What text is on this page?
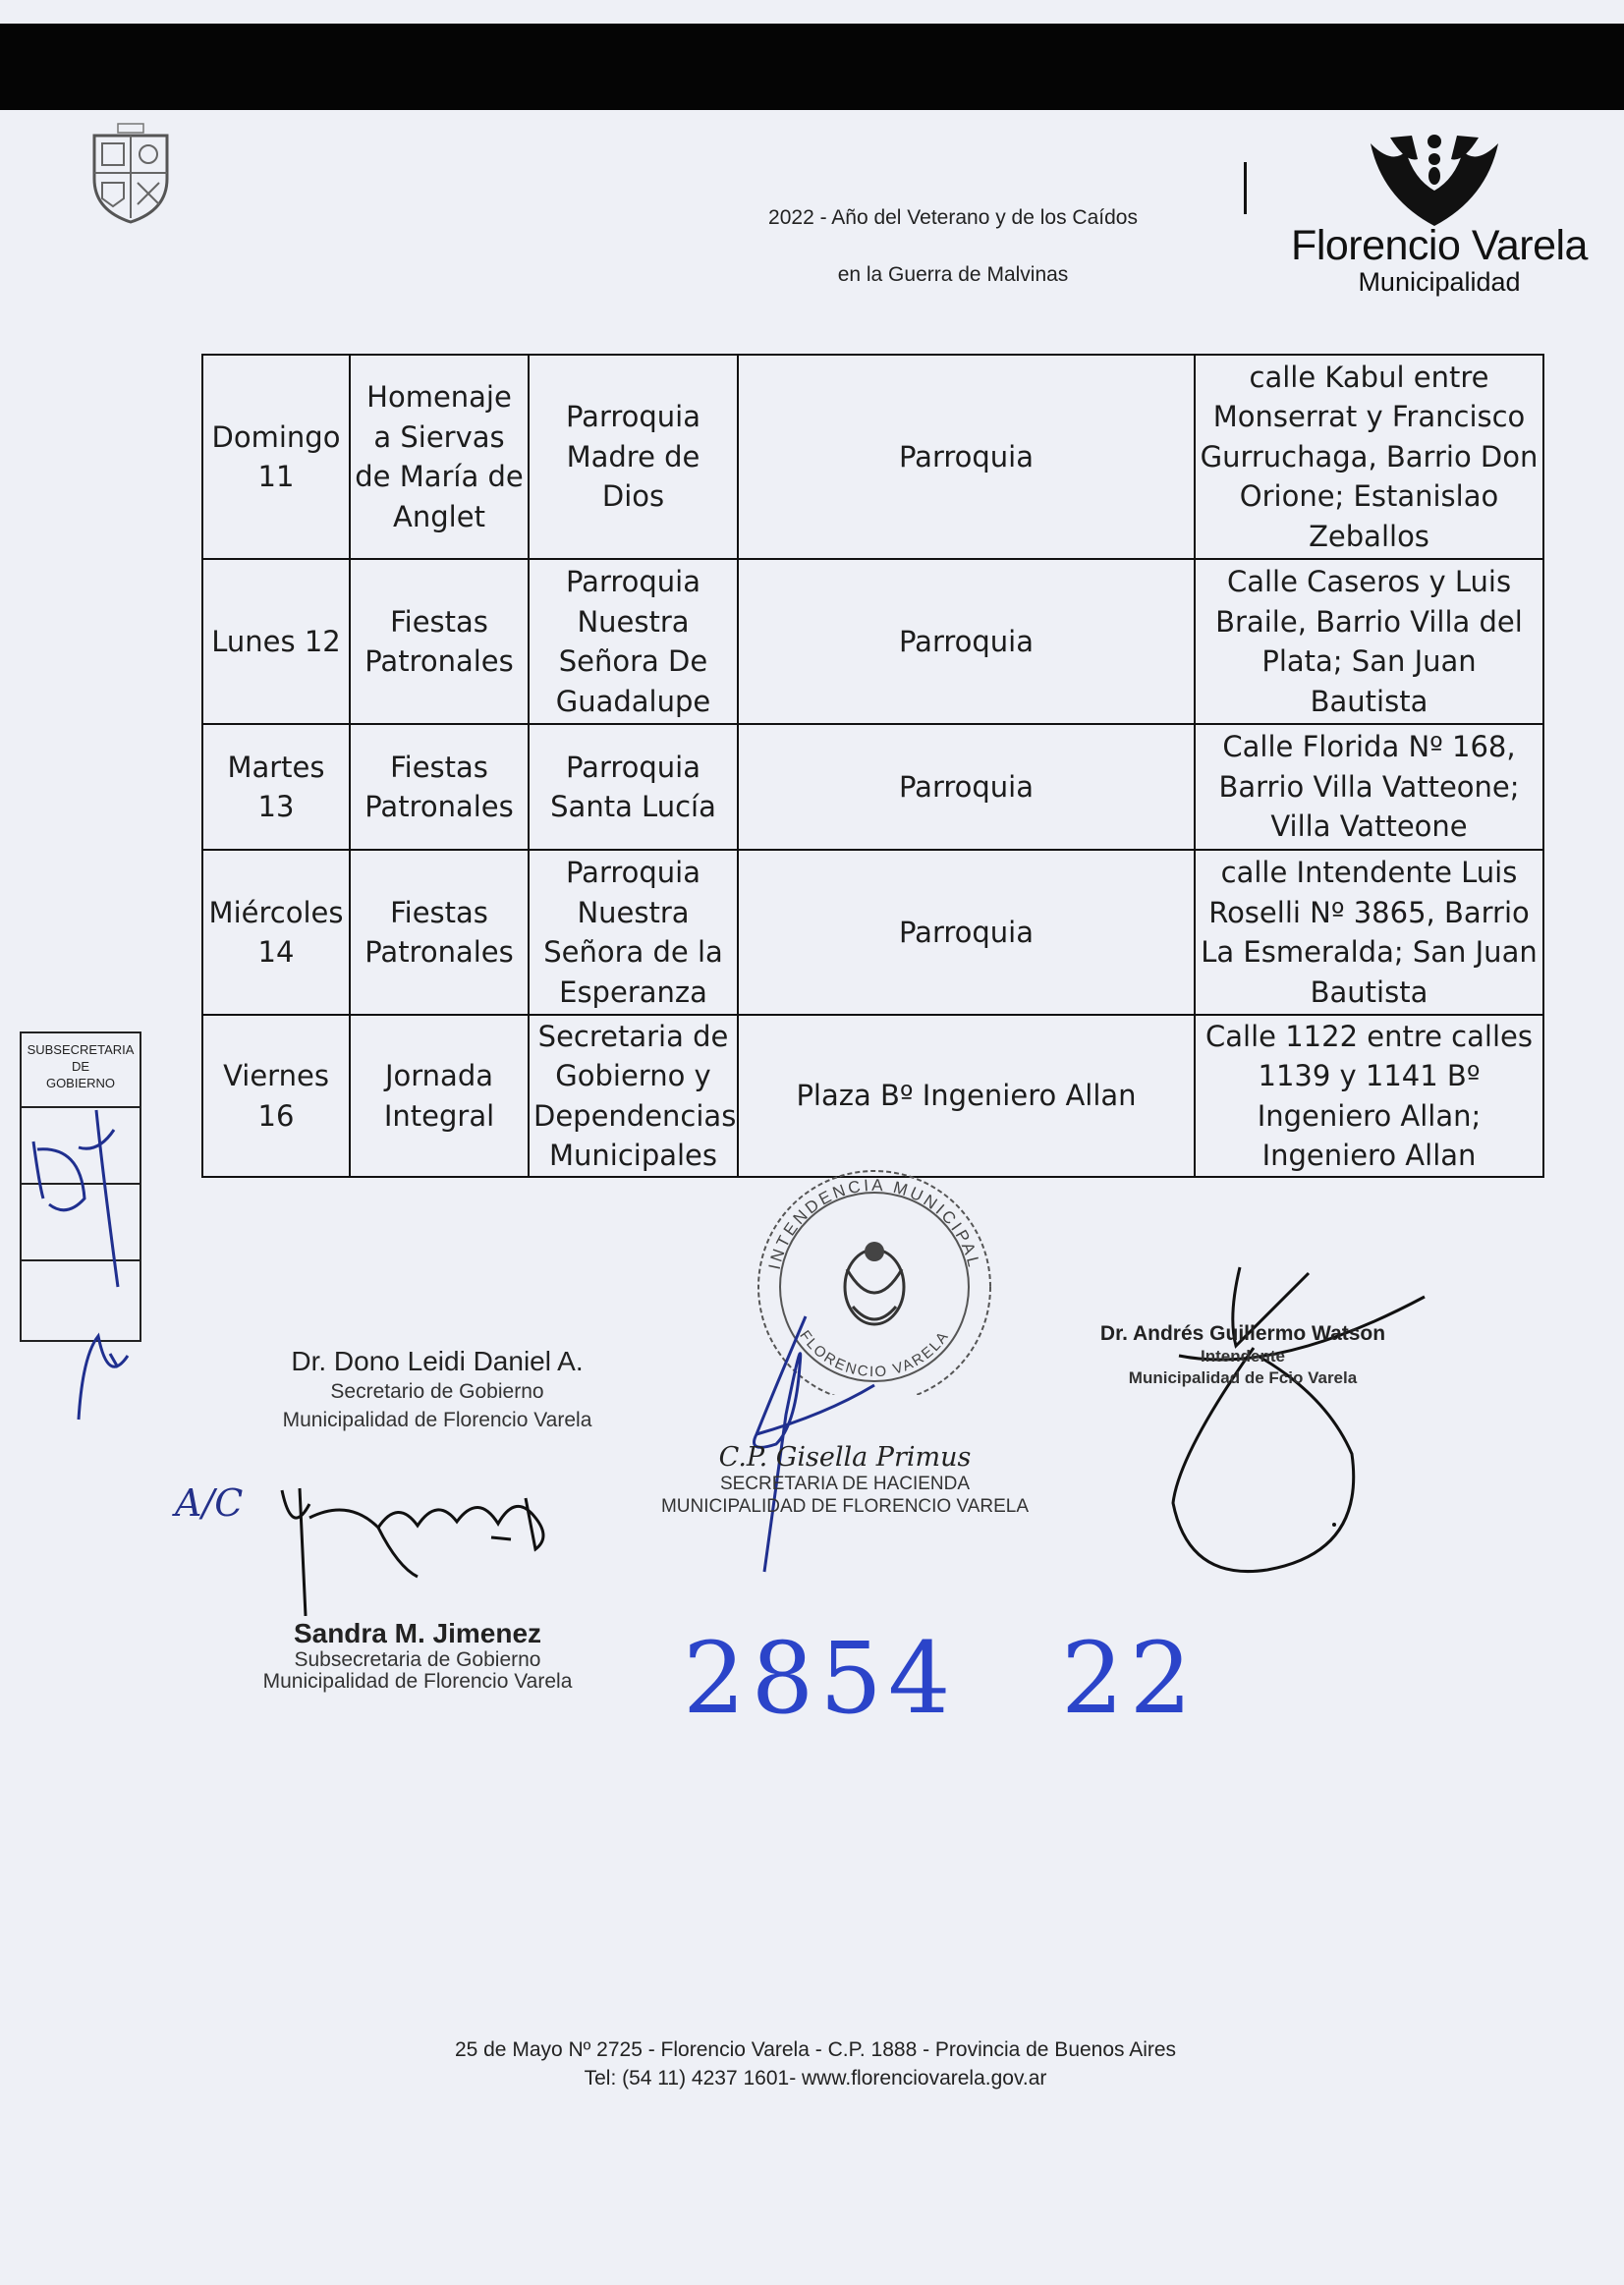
2022 - Año del Veterano y de los Caídos
en la Guerra de Malvinas
Florencio Varela
Municipalidad
Domingo 11	Homenaje a Siervas de María de Anglet	Parroquia Madre de Dios	Parroquia	calle Kabul entre Monserrat y Francisco Gurruchaga, Barrio Don Orione; Estanislao Zeballos
Lunes 12	Fiestas Patronales	Parroquia Nuestra Señora De Guadalupe	Parroquia	Calle Caseros y Luis Braile, Barrio Villa del Plata; San Juan Bautista
Martes 13	Fiestas Patronales	Parroquia Santa Lucía	Parroquia	Calle Florida Nº 168, Barrio Villa Vatteone; Villa Vatteone
Miércoles 14	Fiestas Patronales	Parroquia Nuestra Señora de la Esperanza	Parroquia	calle Intendente Luis Roselli Nº 3865, Barrio La Esmeralda; San Juan Bautista
Viernes 16	Jornada Integral	Secretaria de Gobierno y Dependencias Municipales	Plaza Bº Ingeniero Allan	Calle 1122 entre calles 1139 y 1141 Bº Ingeniero Allan; Ingeniero Allan
SUBSECRETARIA
DE
GOBIERNO
INTENDENCIA MUNICIPAL
FLORENCIO VARELA
Dr. Dono Leidi Daniel A.
Secretario de Gobierno
Municipalidad de Florencio Varela
A/C
Sandra M. Jimenez
Subsecretaria de Gobierno
Municipalidad de Florencio Varela
C.P. Gisella Primus
SECRETARIA DE HACIENDA
MUNICIPALIDAD DE FLORENCIO VARELA
Dr. Andrés Guillermo Watson
Intendente
Municipalidad de Fcio Varela
2854 22
25 de Mayo Nº 2725 - Florencio Varela - C.P. 1888 - Provincia de Buenos Aires
Tel: (54 11) 4237 1601- www.florenciovarela.gov.ar
